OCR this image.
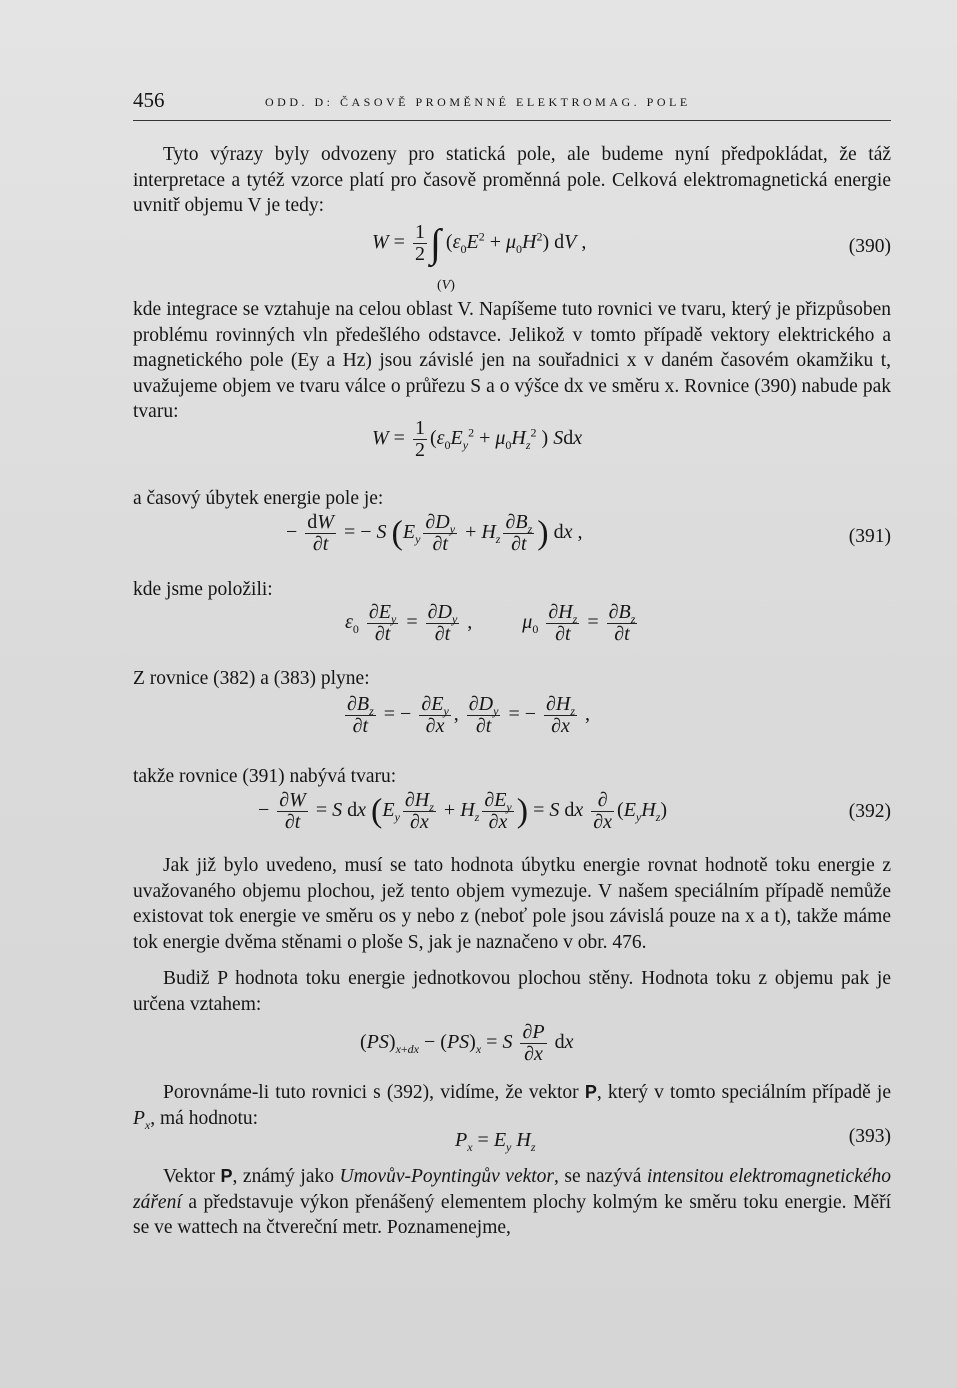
456	ODD. D: ČASOVĚ PROMĚNNÉ ELEKTROMAG. POLE
Tyto výrazy byly odvozeny pro statická pole, ale budeme nyní předpokládat, že táž interpretace a tytéž vzorce platí pro časově proměnná pole. Celková elektromagnetická energie uvnitř objemu V je tedy:
$W = \frac{1}{2}$ ∫ $(\varepsilon_0E^2 + \mu_0H^2)$ dV ,
(V)
(390)
kde integrace se vztahuje na celou oblast V. Napíšeme tuto rovnici ve tvaru, který je přizpůsoben problému rovinných vln předešlého odstavce. Jelikož v tomto případě vektory elektrického a magnetického pole (Ey a Hz) jsou závislé jen na souřadnici x v daném časovém okamžiku t, uvažujeme objem ve tvaru válce o průřezu S a o výšce dx ve směru x. Rovnice (390) nabude pak tvaru:
$W = \frac{1}{2} (\varepsilon_0E_y^2 + \mu_0H_z^2$ ) Sdx
a časový úbytek energie pole je:
− $\frac{dW}{\partial t}$ = − S ($E_y \frac{\partial D_y}{\partial t} + H_z \frac{\partial B_z}{\partial t}$ ) dx ,	(391)
kde jsme položili:
$\varepsilon_0 \frac{\partial E_y}{\partial t} = \frac{\partial D_y}{\partial t}$ ,  $\mu_0 \frac{\partial H_z}{\partial t} = \frac{\partial B_z}{\partial t}$
Z rovnice (382) a (383) plyne:
$\frac{\partial B_z}{\partial t}$ = − $\frac{\partial E_y}{\partial x}$ , $\frac{\partial D_y}{\partial t}$ = − $\frac{\partial H_z}{\partial x}$ ,
takže rovnice (391) nabývá tvaru:
− $\frac{\partial W}{\partial t} = S$ dx ($E_y \frac{\partial H_z}{\partial x} + H_z \frac{\partial E_y}{\partial x}$ ) = S dx $\frac{\partial}{\partial x} (E_yH_z)$	(392)
Jak již bylo uvedeno, musí se tato hodnota úbytku energie rovnat hodnotě toku energie z uvažovaného objemu plochou, jež tento objem vymezuje. V našem speciálním případě nemůže existovat tok energie ve směru os y nebo z (neboť pole jsou závislá pouze na x a t), takže máme tok energie dvěma stěnami o ploše S, jak je naznačeno v obr. 476.
Budiž P hodnota toku energie jednotkovou plochou stěny. Hodnota toku z objemu pak je určena vztahem:
$(PS)_{x+dx} - (PS)_x = S \frac{\partial P}{\partial x}$ dx
Porovnáme-li tuto rovnici s (392), vidíme, že vektor P, který v tomto speciálním případě je $P_x$, má hodnotu:
$P_x = E_y$ $H_z$	(393)
Vektor P, známý jako Umovův-Poyntingův vektor, se nazývá intensitou elektromagnetického záření a představuje výkon přenášený elementem plochy kolmým ke směru toku energie. Měří se ve wattech na čtvereční metr. Poznamenejme,
